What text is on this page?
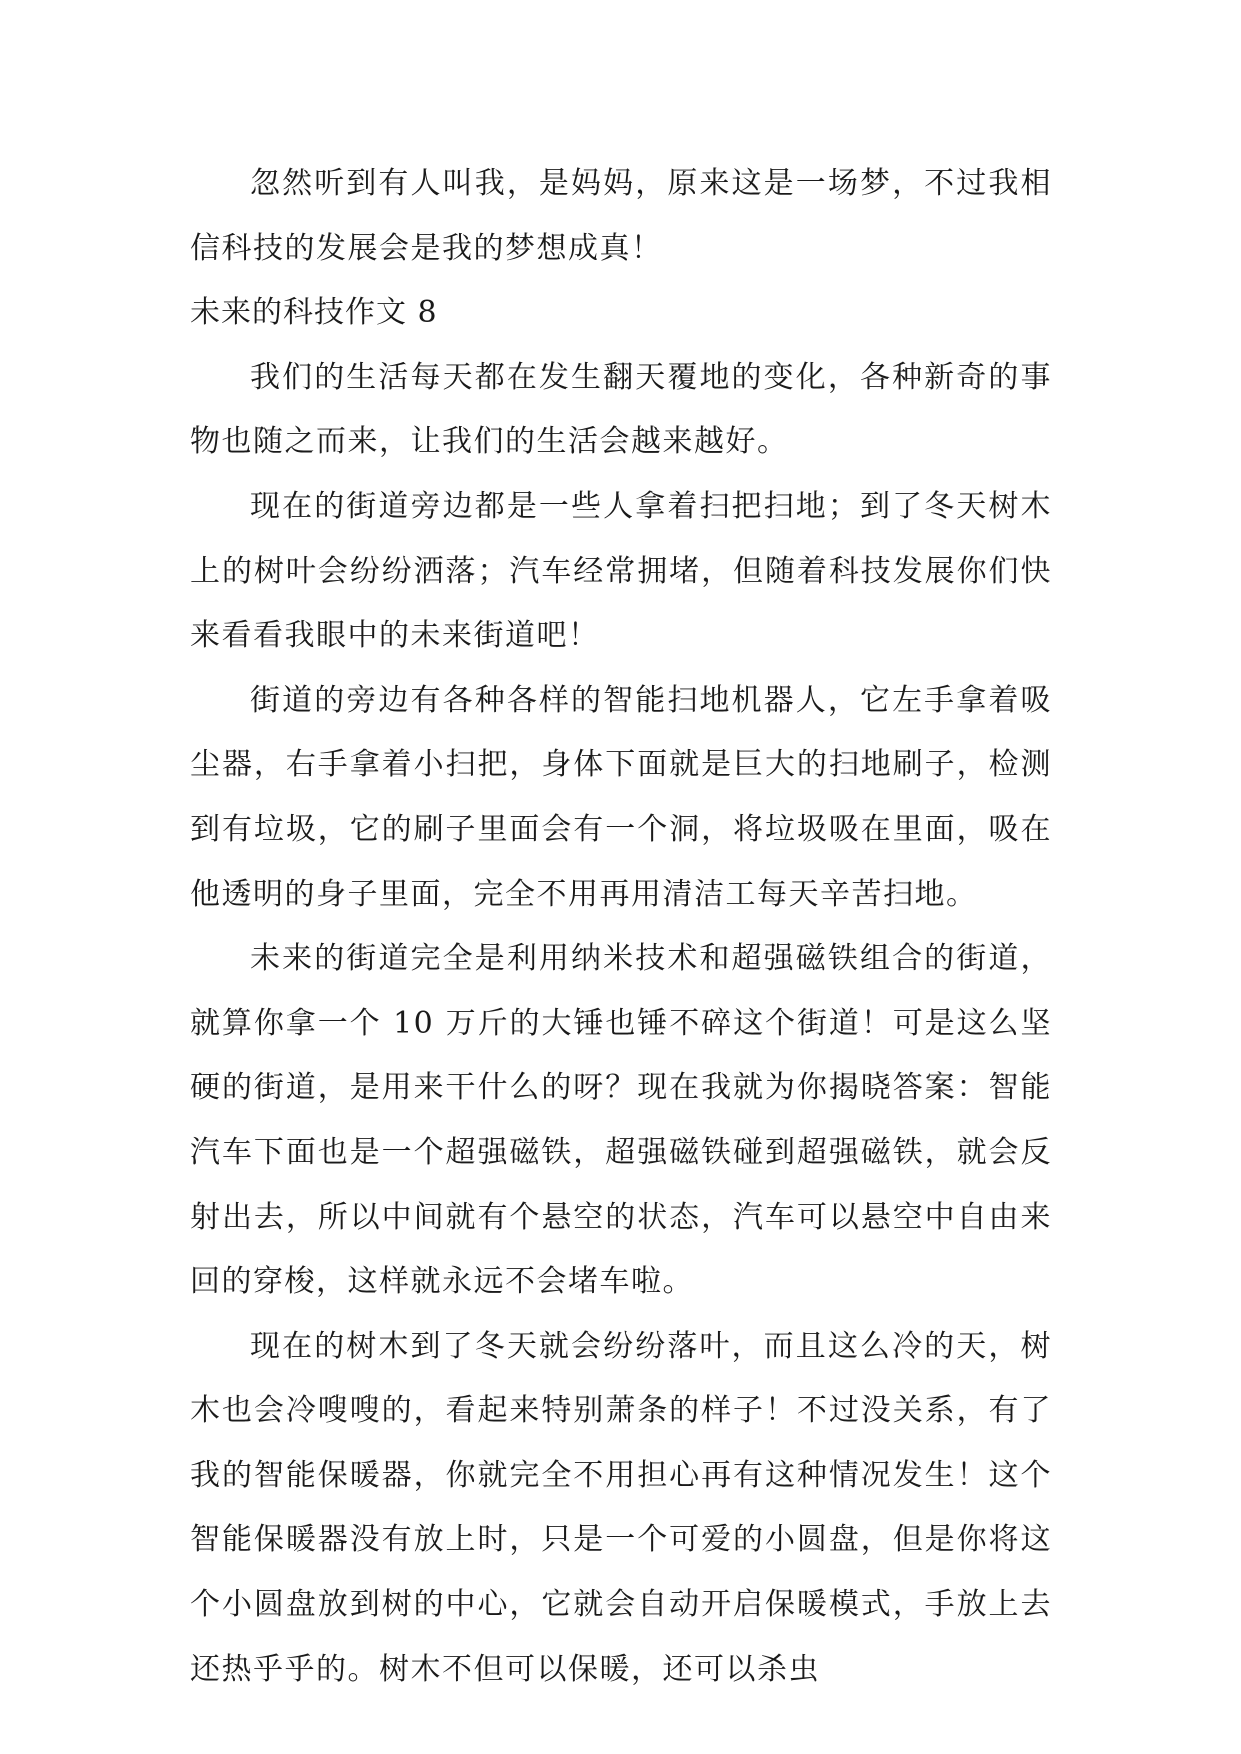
忽然听到有人叫我，是妈妈，原来这是一场梦，不过我相信科技的发展会是我的梦想成真！

未来的科技作文 8

我们的生活每天都在发生翻天覆地的变化，各种新奇的事物也随之而来，让我们的生活会越来越好。

现在的街道旁边都是一些人拿着扫把扫地；到了冬天树木上的树叶会纷纷洒落；汽车经常拥堵，但随着科技发展你们快来看看我眼中的未来街道吧！

街道的旁边有各种各样的智能扫地机器人，它左手拿着吸尘器，右手拿着小扫把，身体下面就是巨大的扫地刷子，检测到有垃圾，它的刷子里面会有一个洞，将垃圾吸在里面，吸在他透明的身子里面，完全不用再用清洁工每天辛苦扫地。

未来的街道完全是利用纳米技术和超强磁铁组合的街道，就算你拿一个 10 万斤的大锤也锤不碎这个街道！可是这么坚硬的街道，是用来干什么的呀？现在我就为你揭晓答案：智能汽车下面也是一个超强磁铁，超强磁铁碰到超强磁铁，就会反射出去，所以中间就有个悬空的状态，汽车可以悬空中自由来回的穿梭，这样就永远不会堵车啦。

现在的树木到了冬天就会纷纷落叶，而且这么冷的天，树木也会冷嗖嗖的，看起来特别萧条的样子！不过没关系，有了我的智能保暖器，你就完全不用担心再有这种情况发生！这个智能保暖器没有放上时，只是一个可爱的小圆盘，但是你将这个小圆盘放到树的中心，它就会自动开启保暖模式，手放上去还热乎乎的。树木不但可以保暖，还可以杀虫
